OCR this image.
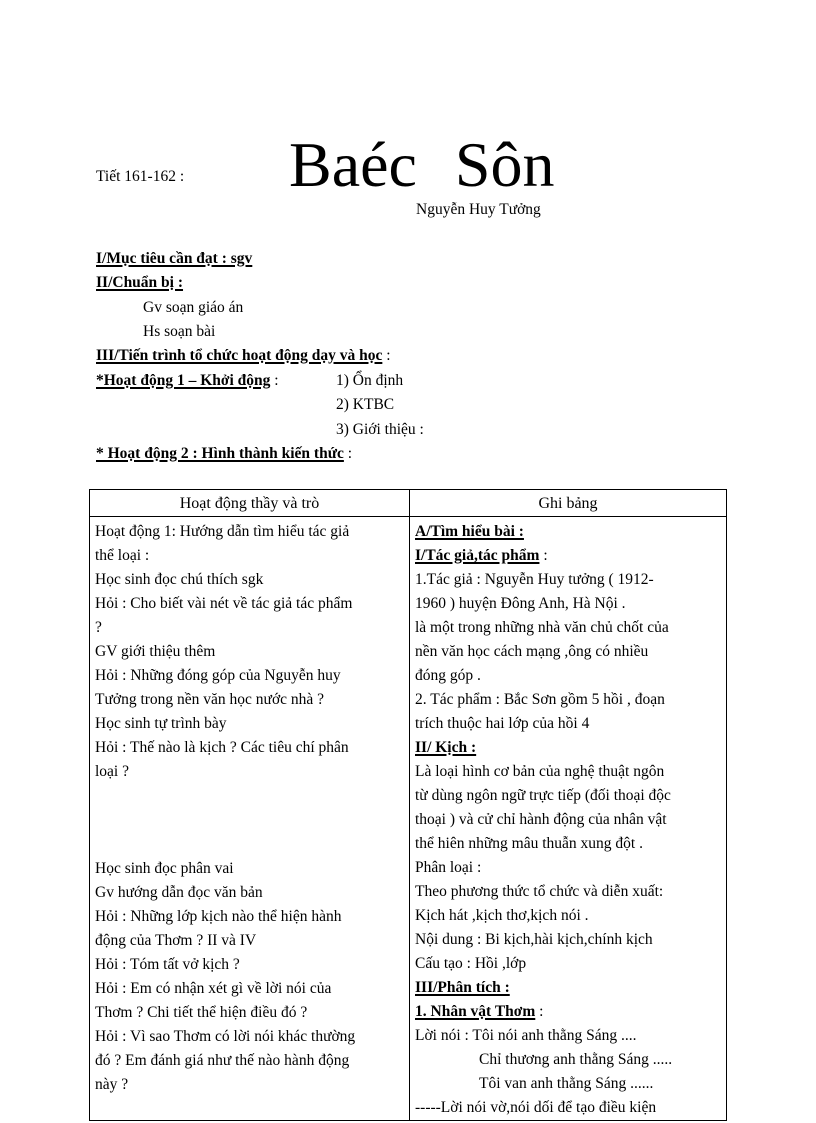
Tiết 161-162 : Baéc Sôn
Nguyễn Huy Tưởng
I/Mục tiêu cần đạt : sgv
II/Chuẩn bị :
Gv soạn giáo án
Hs soạn bài
III/Tiến trình tổ chức hoạt động dạy và học :
*Hoạt động 1 – Khởi động :	1) Ổn định
2) KTBC
3) Giới thiệu :
* Hoạt động 2 : Hình thành kiến thức :
Hoạt động thầy và trò
Hoạt động 1: Hướng dẫn tìm hiểu tác giả
thể loại :
Học sinh đọc chú thích sgk
Hỏi : Cho biết vài nét về tác giả tác phẩm
?
GV giới thiệu thêm
Hỏi : Những đóng góp của Nguyễn huy
Tưởng trong nền văn học nước nhà ?
Học sinh tự trình bày
Hỏi : Thế nào là kịch ? Các tiêu chí phân
loại ?
Học sinh đọc phân vai
Gv hướng dẫn đọc văn bản
Hỏi : Những lớp kịch nào thể hiện hành
động của Thơm ? II và IV
Hỏi : Tóm tất vở kịch ?
Hỏi : Em có nhận xét gì về lời nói của
Thơm ? Chi tiết thể hiện điều đó ?
Hỏi : Vì sao Thơm có lời nói khác thường
đó ? Em đánh giá như thế nào hành động
này ?
Ghi bảng
A/Tìm hiểu bài :
I/Tác giả,tác phẩm :
1.Tác giả : Nguyễn Huy tưởng ( 1912-
1960 ) huyện Đông Anh, Hà Nội .
là một trong những nhà văn chủ chốt của
nền văn học cách mạng ,ông có nhiều
đóng góp .
2. Tác phẩm : Bắc Sơn gồm 5 hồi , đoạn
trích thuộc hai lớp của hồi 4
II/ Kịch :
Là loại hình cơ bản của nghệ thuật ngôn
từ dùng ngôn ngữ trực tiếp (đối thoại độc
thoại ) và cử chỉ hành động của nhân vật
thể hiên những mâu thuẫn xung đột .
Phân loại :
Theo phương thức tổ chức và diễn xuất:
Kịch hát ,kịch thơ,kịch nói .
Nội dung : Bi kịch,hài kịch,chính kịch
Cấu tạo : Hồi ,lớp
III/Phân tích :
1. Nhân vật Thơm :
Lời nói : Tôi nói anh thằng Sáng ....
Chỉ thương anh thằng Sáng .....
Tôi van anh thằng Sáng ......
-----Lời nói vờ,nói dối để tạo điều kiện
